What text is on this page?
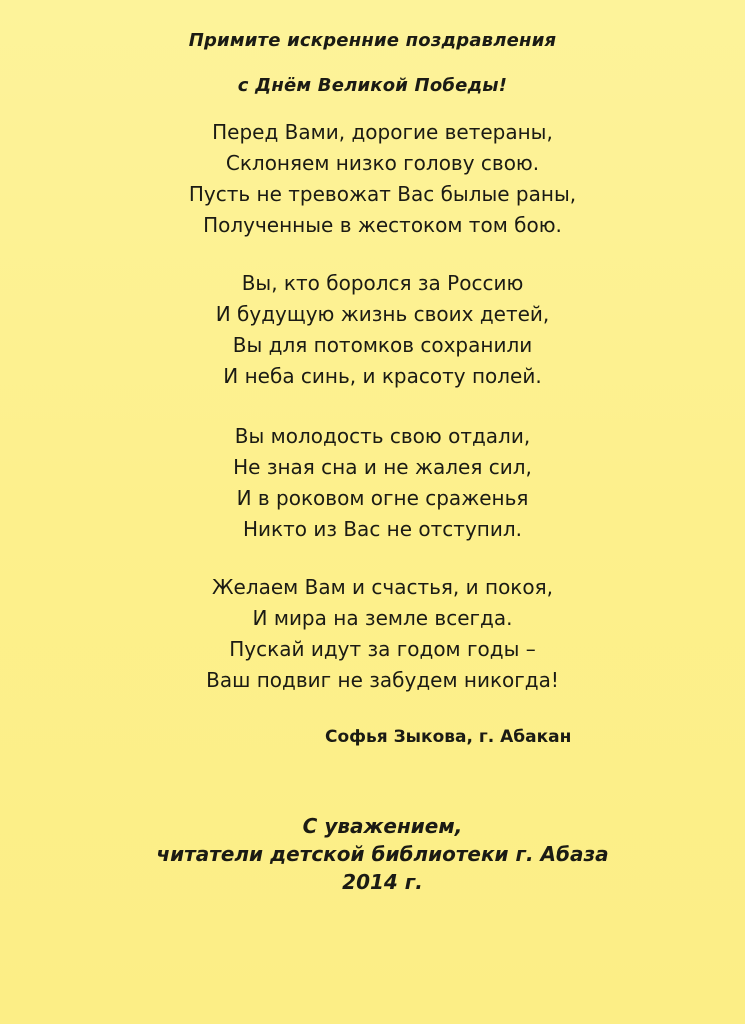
Примите искренние поздравления
с Днём Великой Победы!
Перед Вами, дорогие ветераны,
Склоняем низко голову свою.
Пусть не тревожат Вас былые раны,
Полученные в жестоком том бою.
Вы, кто боролся за Россию
И будущую жизнь своих детей,
Вы для потомков сохранили
И неба синь, и красоту полей.
Вы молодость свою отдали,
Не зная сна и не жалея сил,
И в роковом огне сраженья
Никто из Вас не отступил.
Желаем Вам и счастья, и покоя,
И мира на земле всегда.
Пускай идут за годом годы –
Ваш подвиг не забудем никогда!
Софья Зыкова, г. Абакан
С уважением,
читатели детской библиотеки г. Абаза
2014 г.
